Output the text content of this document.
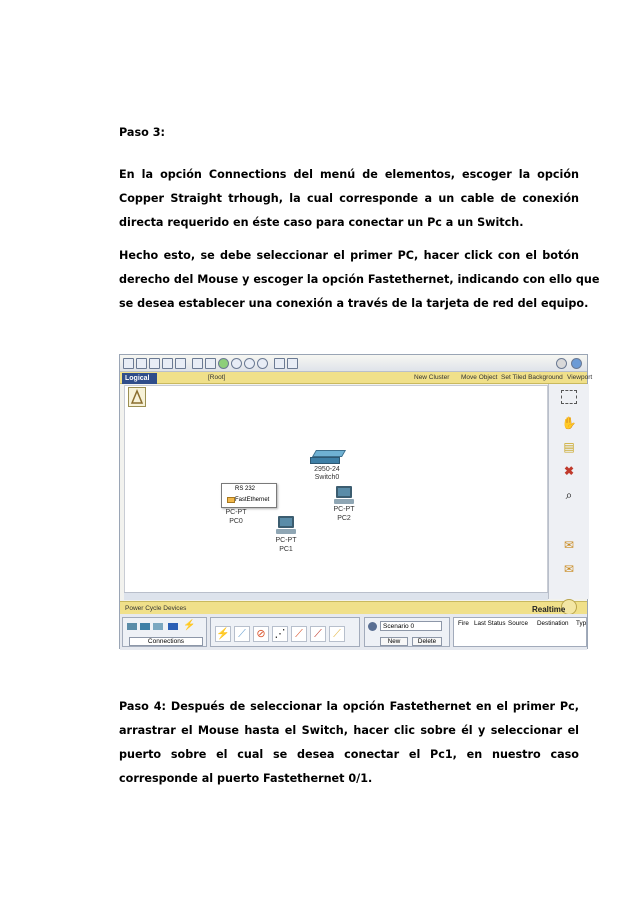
Paso 3:
En la opción Connections del menú de elementos, escoger la opción
Copper Straight trhough, la cual corresponde a un cable de conexión
directa requerido en éste caso para conectar un Pc a un Switch.
Hecho esto, se debe seleccionar el primer PC, hacer click con el botón
derecho del Mouse y escoger la opción Fastethernet, indicando con ello que
se desea establecer una conexión a través de la tarjeta de red del equipo.
[Root]	New Cluster Move Object Set Tiled Background Viewport
Logical
2950-24
Switch0
PC-PT
PC2
RS 232
FastEthernet
PC-PT
PC0
PC-PT
PC1
✋
▤
✖
⌕
✉
✉
Power Cycle Devices	Realtime
⚡
Connections
⚡ ⟋ ⊘ ⋰ ⟋	⟋	⟋
Scenario 0
New	Delete
Fire Last Status Source Destination Typ
Paso 4: Después de seleccionar la opción Fastethernet en el primer Pc,
arrastrar el Mouse hasta el Switch, hacer clic sobre él y seleccionar el
puerto sobre el cual se desea conectar el Pc1, en nuestro caso
corresponde al puerto Fastethernet 0/1.
